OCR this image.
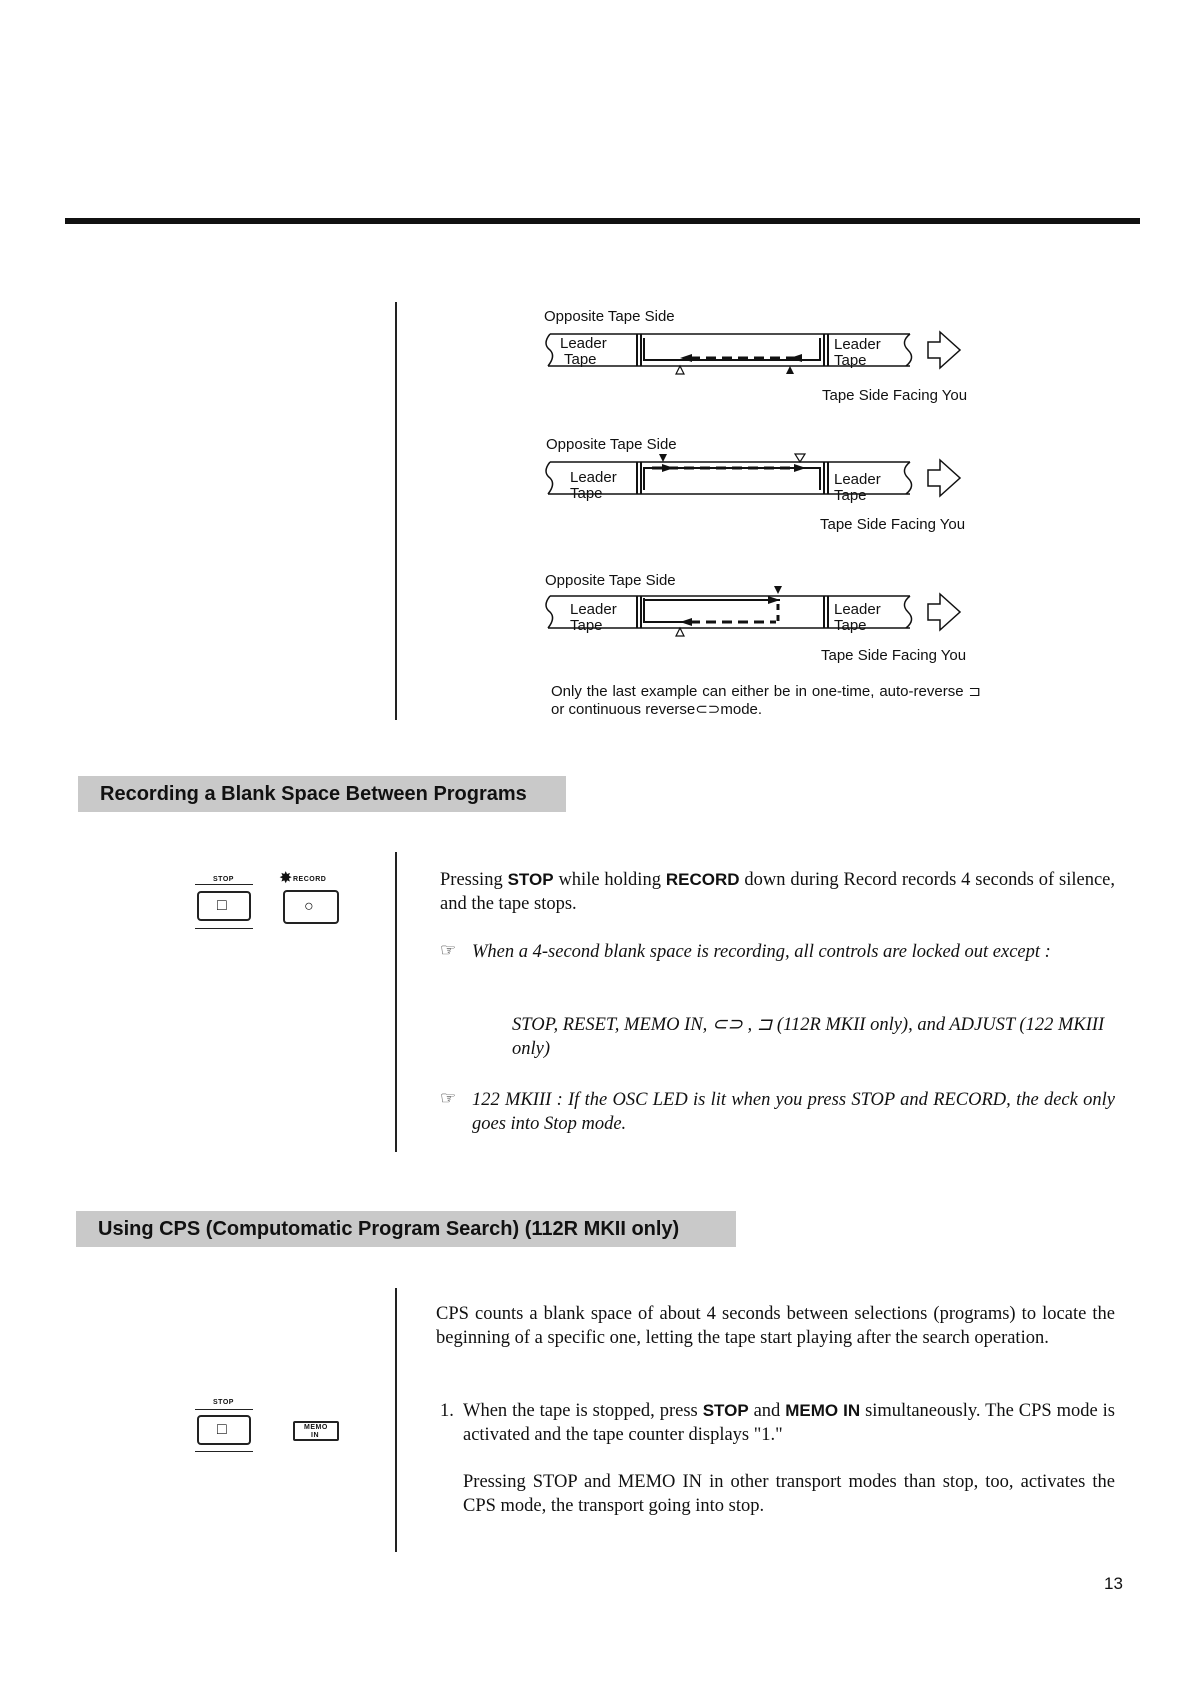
Opposite Tape Side
Leader
Tape
Leader
Tape
Tape Side Facing You
Opposite Tape Side
Leader
Tape
Leader
Tape
Tape Side Facing You
Opposite Tape Side
Leader
Tape
Leader
Tape
Tape Side Facing You
Only the last example can either be in one-time, auto-reverse ⊐ or continuous reverse⊂⊃mode.
Recording a Blank Space Between Programs
STOP
□
✸ RECORD
○
Pressing STOP while holding RECORD down during Record records 4 seconds of silence, and the tape stops.
☞ When a 4-second blank space is recording, all controls are locked out except :
STOP, RESET, MEMO IN, ⊂⊃ , ⊐ (112R MKII only), and ADJUST (122 MKIII only)
☞ 122 MKIII : If the OSC LED is lit when you press STOP and RECORD, the deck only goes into Stop mode.
Using CPS (Computomatic Program Search) (112R MKII only)
STOP
□	MEMO
IN
CPS counts a blank space of about 4 seconds between selections (programs) to locate the beginning of a specific one, letting the tape start playing after the search operation.
1. When the tape is stopped, press STOP and MEMO IN simultaneously. The CPS mode is activated and the tape counter displays "1."
Pressing STOP and MEMO IN in other transport modes than stop, too, activates the CPS mode, the transport going into stop.
13
